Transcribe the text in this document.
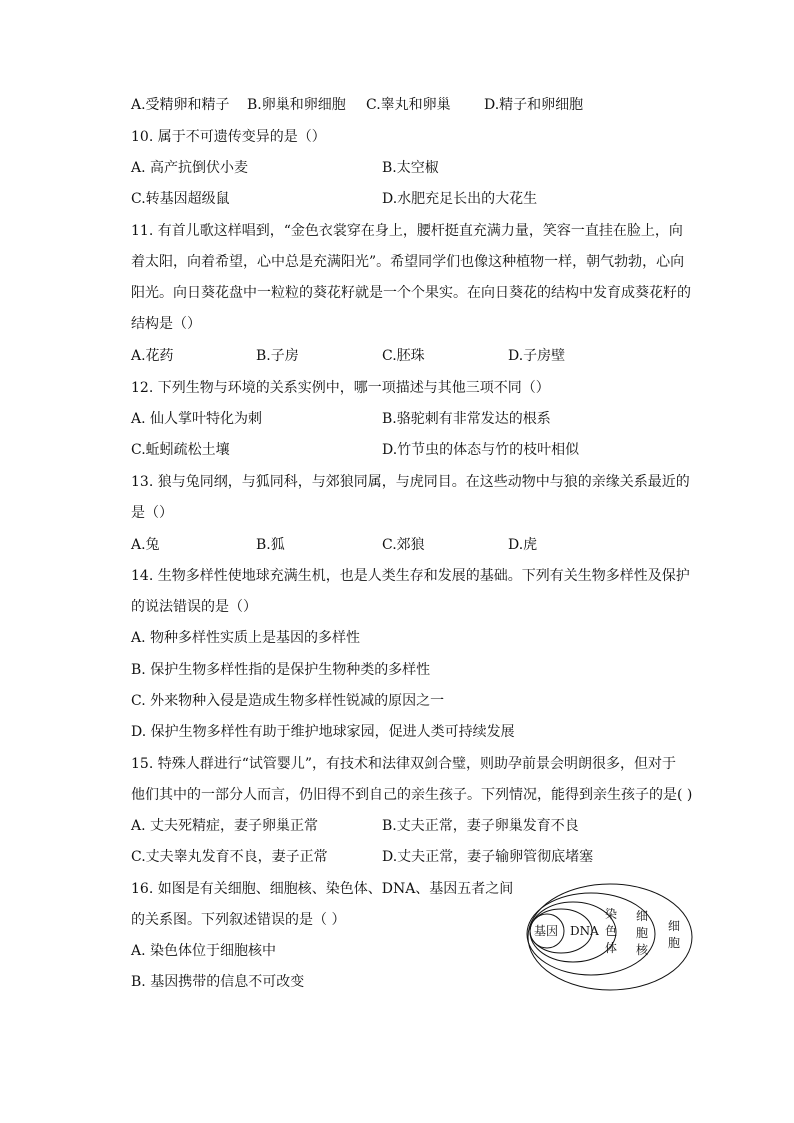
A.受精卵和精子 B.卵巢和卵细胞 C.睾丸和卵巢 D.精子和卵细胞
10. 属于不可遗传变异的是（）
A. 高产抗倒伏小麦	B.太空椒
C.转基因超级鼠	D.水肥充足长出的大花生
11. 有首儿歌这样唱到，“金色衣裳穿在身上，腰杆挺直充满力量，笑容一直挂在脸上，向
着太阳，向着希望，心中总是充满阳光”。希望同学们也像这种植物一样，朝气勃勃，心向
阳光。向日葵花盘中一粒粒的葵花籽就是一个个果实。在向日葵花的结构中发育成葵花籽的
结构是（）
A.花药	B.子房	C.胚珠	D.子房壁
12. 下列生物与环境的关系实例中，哪一项描述与其他三项不同（）
A. 仙人掌叶特化为刺	B.骆驼刺有非常发达的根系
C.蚯蚓疏松土壤	D.竹节虫的体态与竹的枝叶相似
13. 狼与兔同纲，与狐同科，与郊狼同属，与虎同目。在这些动物中与狼的亲缘关系最近的
是（）
A.兔	B.狐	C.郊狼	D.虎
14. 生物多样性使地球充满生机，也是人类生存和发展的基础。下列有关生物多样性及保护
的说法错误的是（）
A. 物种多样性实质上是基因的多样性
B. 保护生物多样性指的是保护生物种类的多样性
C. 外来物种入侵是造成生物多样性锐减的原因之一
D. 保护生物多样性有助于维护地球家园，促进人类可持续发展
15. 特殊人群进行“试管婴儿”，有技术和法律双剑合璧，则助孕前景会明朗很多，但对于
他们其中的一部分人而言，仍旧得不到自己的亲生孩子。下列情况，能得到亲生孩子的是( )
A. 丈夫死精症，妻子卵巢正常	B.丈夫正常，妻子卵巢发育不良
C.丈夫睾丸发育不良，妻子正常	D.丈夫正常，妻子输卵管彻底堵塞
16. 如图是有关细胞、细胞核、染色体、DNA、基因五者之间
的关系图。下列叙述错误的是（ ）
A. 染色体位于细胞核中
B. 基因携带的信息不可改变
基因 DNA
染
色
体
细
胞
核
细
胞
